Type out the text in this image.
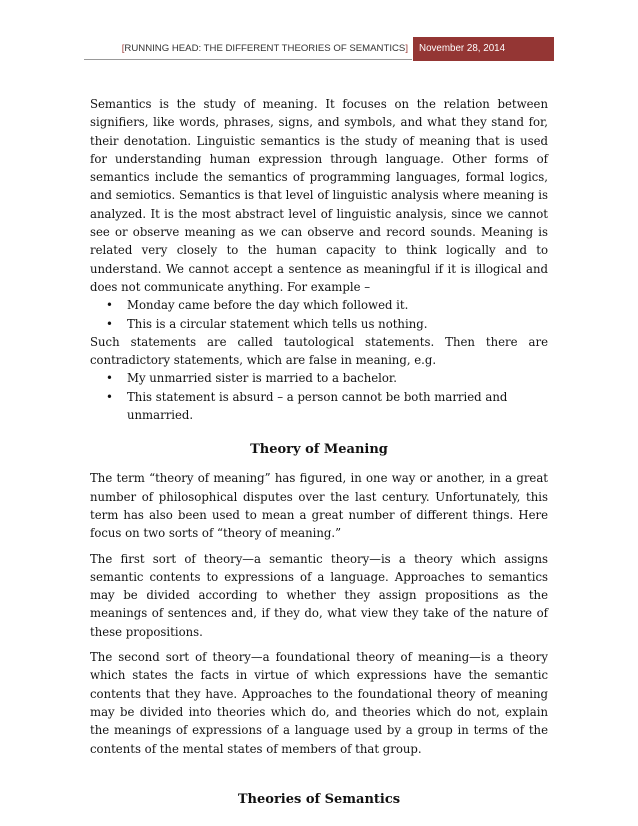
[RUNNING HEAD: THE DIFFERENT THEORIES OF SEMANTICS]	November 28, 2014

Semantics is the study of meaning. It focuses on the relation between signifiers, like words, phrases, signs, and symbols, and what they stand for, their denotation. Linguistic semantics is the study of meaning that is used for understanding human expression through language. Other forms of semantics include the semantics of programming languages, formal logics, and semiotics. Semantics is that level of linguistic analysis where meaning is analyzed. It is the most abstract level of linguistic analysis, since we cannot see or observe meaning as we can observe and record sounds. Meaning is related very closely to the human capacity to think logically and to understand. We cannot accept a sentence as meaningful if it is illogical and does not communicate anything. For example –

• Monday came before the day which followed it.
• This is a circular statement which tells us nothing.

Such statements are called tautological statements. Then there are contradictory statements, which are false in meaning, e.g.

• My unmarried sister is married to a bachelor.
• This statement is absurd – a person cannot be both married and unmarried.
Theory of Meaning

The term “theory of meaning” has figured, in one way or another, in a great number of philosophical disputes over the last century. Unfortunately, this term has also been used to mean a great number of different things. Here focus on two sorts of “theory of meaning.”

The first sort of theory—a semantic theory—is a theory which assigns semantic contents to expressions of a language. Approaches to semantics may be divided according to whether they assign propositions as the meanings of sentences and, if they do, what view they take of the nature of these propositions.

The second sort of theory—a foundational theory of meaning—is a theory which states the facts in virtue of which expressions have the semantic contents that they have. Approaches to the foundational theory of meaning may be divided into theories which do, and theories which do not, explain the meanings of expressions of a language used by a group in terms of the contents of the mental states of members of that group.

Theories of Semantics
